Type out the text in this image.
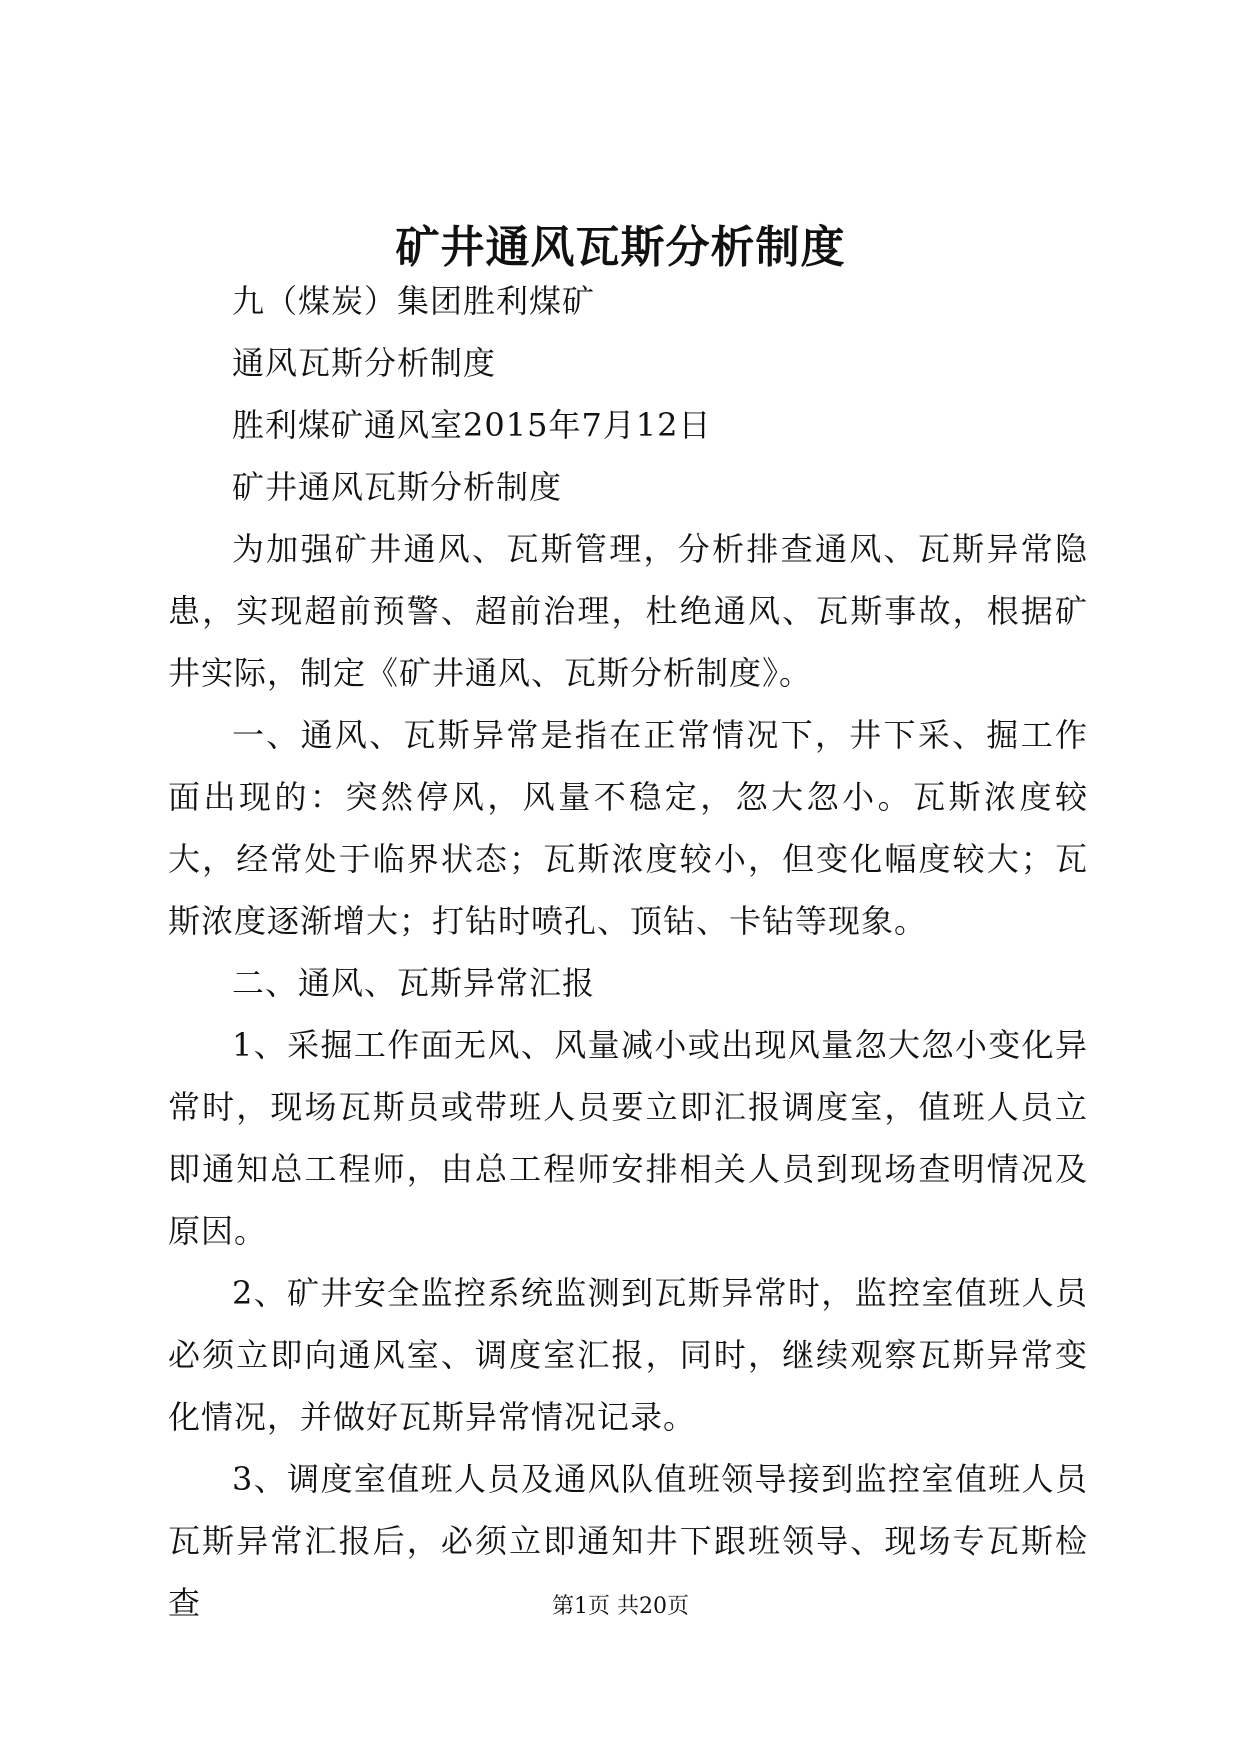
矿井通风瓦斯分析制度

九（煤炭）集团胜利煤矿

通风瓦斯分析制度

胜利煤矿通风室2015年7月12日

矿井通风瓦斯分析制度

为加强矿井通风、瓦斯管理，分析排查通风、瓦斯异常隐患，实现超前预警、超前治理，杜绝通风、瓦斯事故，根据矿井实际，制定《矿井通风、瓦斯分析制度》。

一、通风、瓦斯异常是指在正常情况下，井下采、掘工作面出现的：突然停风，风量不稳定，忽大忽小。瓦斯浓度较大，经常处于临界状态；瓦斯浓度较小，但变化幅度较大；瓦斯浓度逐渐增大；打钻时喷孔、顶钻、卡钻等现象。

二、通风、瓦斯异常汇报

1、采掘工作面无风、风量减小或出现风量忽大忽小变化异常时，现场瓦斯员或带班人员要立即汇报调度室，值班人员立即通知总工程师，由总工程师安排相关人员到现场查明情况及原因。

2、矿井安全监控系统监测到瓦斯异常时，监控室值班人员必须立即向通风室、调度室汇报，同时，继续观察瓦斯异常变化情况，并做好瓦斯异常情况记录。

3、调度室值班人员及通风队值班领导接到监控室值班人员瓦斯异常汇报后，必须立即通知井下跟班领导、现场专瓦斯检查	第1页 共20页
